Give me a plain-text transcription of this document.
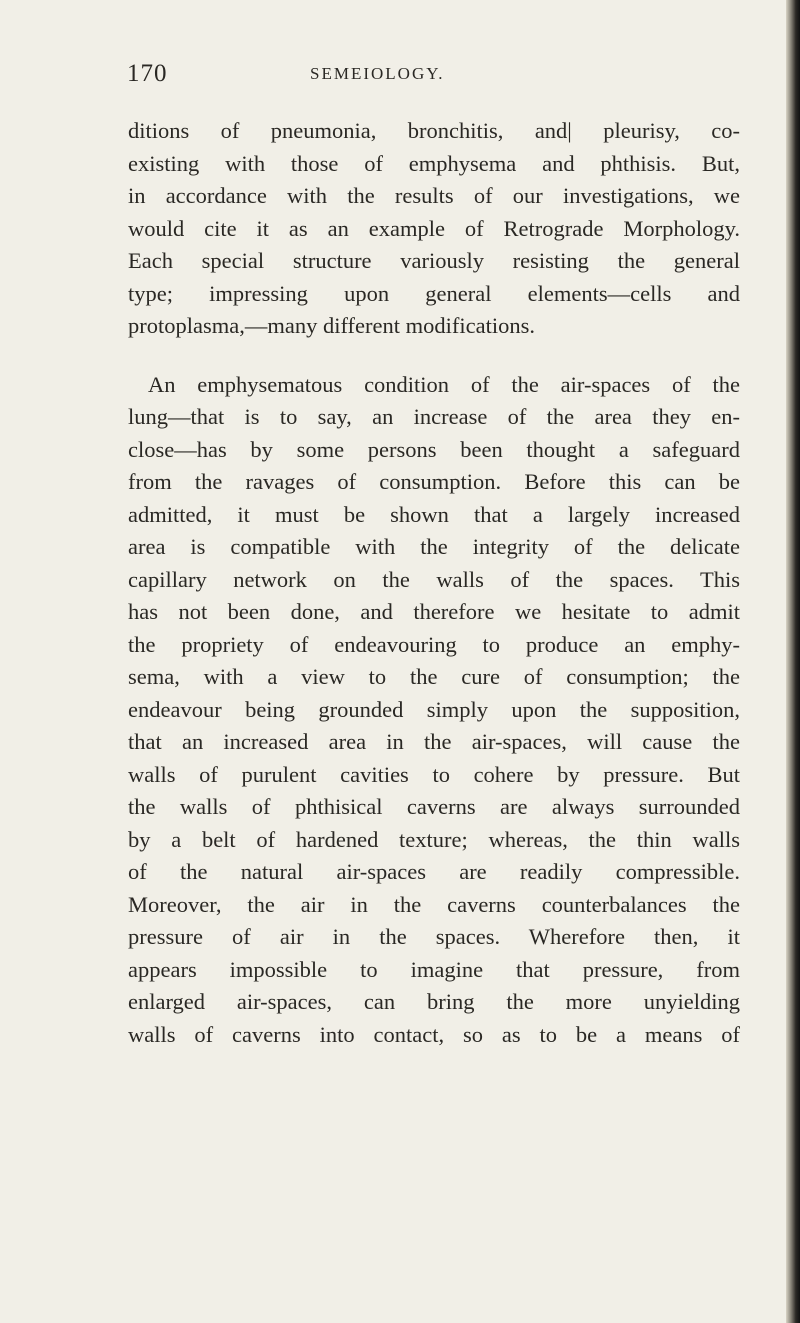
170	SEMEIOLOGY.
ditions of pneumonia, bronchitis, and| pleurisy, co-
existing with those of emphysema and phthisis. But,
in accordance with the results of our investigations, we
would cite it as an example of Retrograde Morphology.
Each special structure variously resisting the general
type; impressing upon general elements—cells and
protoplasma,—many different modifications.
An emphysematous condition of the air-spaces of the
lung—that is to say, an increase of the area they en-
close—has by some persons been thought a safeguard
from the ravages of consumption. Before this can be
admitted, it must be shown that a largely increased
area is compatible with the integrity of the delicate
capillary network on the walls of the spaces. This
has not been done, and therefore we hesitate to admit
the propriety of endeavouring to produce an emphy-
sema, with a view to the cure of consumption; the
endeavour being grounded simply upon the supposition,
that an increased area in the air-spaces, will cause the
walls of purulent cavities to cohere by pressure. But
the walls of phthisical caverns are always surrounded
by a belt of hardened texture; whereas, the thin walls
of the natural air-spaces are readily compressible.
Moreover, the air in the caverns counterbalances the
pressure of air in the spaces. Wherefore then, it
appears impossible to imagine that pressure, from
enlarged air-spaces, can bring the more unyielding
walls of caverns into contact, so as to be a means of
